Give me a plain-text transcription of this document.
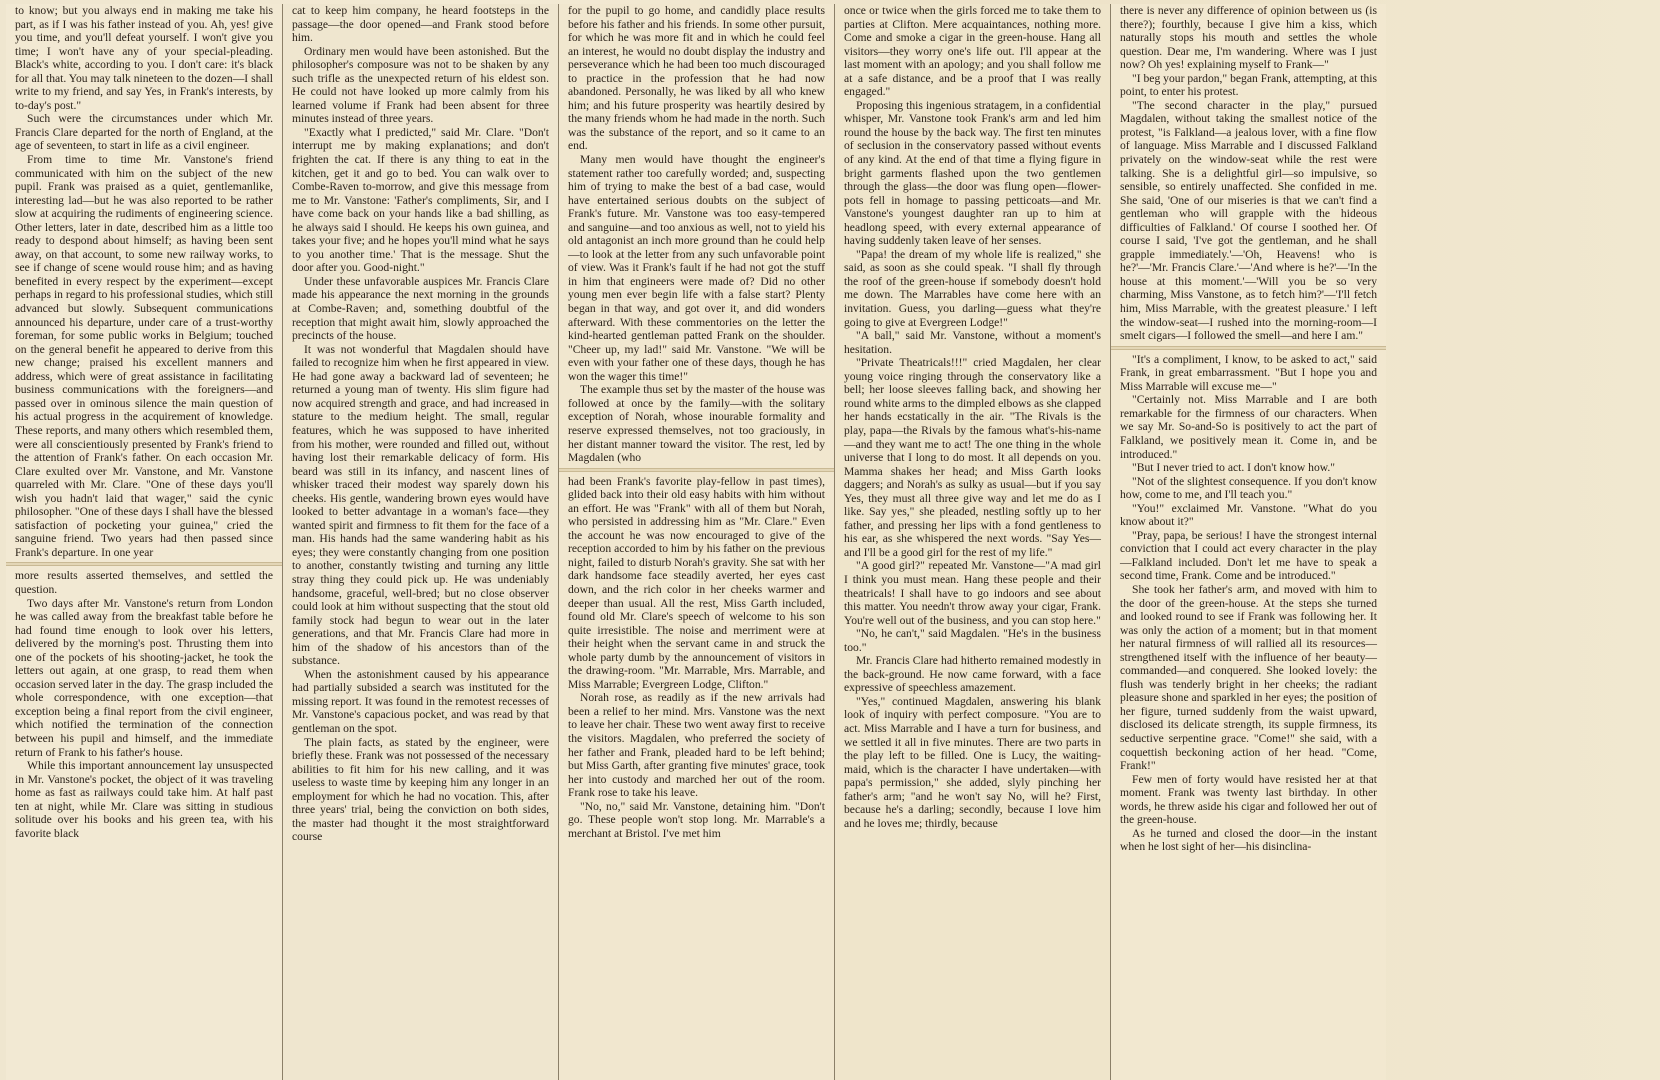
to know; but you always end in making me take his part, as if I was his father instead of you. Ah, yes! give you time, and you'll defeat yourself. I won't give you time; I won't have any of your special-pleading. Black's white, according to you. I don't care: it's black for all that. You may talk nineteen to the dozen—I shall write to my friend, and say Yes, in Frank's interests, by to-day's post."

Such were the circumstances under which Mr. Francis Clare departed for the north of England, at the age of seventeen, to start in life as a civil engineer.

From time to time Mr. Vanstone's friend communicated with him on the subject of the new pupil. Frank was praised as a quiet, gentlemanlike, interesting lad—but he was also reported to be rather slow at acquiring the rudiments of engineering science. Other letters, later in date, described him as a little too ready to despond about himself; as having been sent away, on that account, to some new railway works, to see if change of scene would rouse him; and as having benefited in every respect by the experiment—except perhaps in regard to his professional studies, which still advanced but slowly. Subsequent communications announced his departure, under care of a trust-worthy foreman, for some public works in Belgium; touched on the general benefit he appeared to derive from this new change; praised his excellent manners and address, which were of great assistance in facilitating business communications with the foreigners—and passed over in ominous silence the main question of his actual progress in the acquirement of knowledge. These reports, and many others which resembled them, were all conscientiously presented by Frank's friend to the attention of Frank's father. On each occasion Mr. Clare exulted over Mr. Vanstone, and Mr. Vanstone quarreled with Mr. Clare. "One of these days you'll wish you hadn't laid that wager," said the cynic philosopher. "One of these days I shall have the blessed satisfaction of pocketing your guinea," cried the sanguine friend. Two years had then passed since Frank's departure. In one year

more results asserted themselves, and settled the question.

Two days after Mr. Vanstone's return from London he was called away from the breakfast table before he had found time enough to look over his letters, delivered by the morning's post. Thrusting them into one of the pockets of his shooting-jacket, he took the letters out again, at one grasp, to read them when occasion served later in the day. The grasp included the whole correspondence, with one exception—that exception being a final report from the civil engineer, which notified the termination of the connection between his pupil and himself, and the immediate return of Frank to his father's house.

While this important announcement lay unsuspected in Mr. Vanstone's pocket, the object of it was traveling home as fast as railways could take him. At half past ten at night, while Mr. Clare was sitting in studious solitude over his books and his green tea, with his favorite black

cat to keep him company, he heard footsteps in the passage—the door opened—and Frank stood before him.

Ordinary men would have been astonished. But the philosopher's composure was not to be shaken by any such trifle as the unexpected return of his eldest son. He could not have looked up more calmly from his learned volume if Frank had been absent for three minutes instead of three years.

"Exactly what I predicted," said Mr. Clare. "Don't interrupt me by making explanations; and don't frighten the cat. If there is any thing to eat in the kitchen, get it and go to bed. You can walk over to Combe-Raven to-morrow, and give this message from me to Mr. Vanstone: 'Father's compliments, Sir, and I have come back on your hands like a bad shilling, as he always said I should. He keeps his own guinea, and takes your five; and he hopes you'll mind what he says to you another time.' That is the message. Shut the door after you. Good-night."

Under these unfavorable auspices Mr. Francis Clare made his appearance the next morning in the grounds at Combe-Raven; and, something doubtful of the reception that might await him, slowly approached the precincts of the house.

It was not wonderful that Magdalen should have failed to recognize him when he first appeared in view. He had gone away a backward lad of seventeen; he returned a young man of twenty. His slim figure had now acquired strength and grace, and had increased in stature to the medium height. The small, regular features, which he was supposed to have inherited from his mother, were rounded and filled out, without having lost their remarkable delicacy of form. His beard was still in its infancy, and nascent lines of whisker traced their modest way sparely down his cheeks. His gentle, wandering brown eyes would have looked to better advantage in a woman's face—they wanted spirit and firmness to fit them for the face of a man. His hands had the same wandering habit as his eyes; they were constantly changing from one position to another, constantly twisting and turning any little stray thing they could pick up. He was undeniably handsome, graceful, well-bred; but no close observer could look at him without suspecting that the stout old family stock had begun to wear out in the later generations, and that Mr. Francis Clare had more in him of the shadow of his ancestors than of the substance.

When the astonishment caused by his appearance had partially subsided a search was instituted for the missing report. It was found in the remotest recesses of Mr. Vanstone's capacious pocket, and was read by that gentleman on the spot.

The plain facts, as stated by the engineer, were briefly these. Frank was not possessed of the necessary abilities to fit him for his new calling, and it was useless to waste time by keeping him any longer in an employment for which he had no vocation. This, after three years' trial, being the conviction on both sides, the master had thought it the most straightforward course

for the pupil to go home, and candidly place results before his father and his friends. In some other pursuit, for which he was more fit and in which he could feel an interest, he would no doubt display the industry and perseverance which he had been too much discouraged to practice in the profession that he had now abandoned. Personally, he was liked by all who knew him; and his future prosperity was heartily desired by the many friends whom he had made in the north. Such was the substance of the report, and so it came to an end.

Many men would have thought the engineer's statement rather too carefully worded; and, suspecting him of trying to make the best of a bad case, would have entertained serious doubts on the subject of Frank's future. Mr. Vanstone was too easy-tempered and sanguine—and too anxious as well, not to yield his old antagonist an inch more ground than he could help—to look at the letter from any such unfavorable point of view. Was it Frank's fault if he had not got the stuff in him that engineers were made of? Did no other young men ever begin life with a false start? Plenty began in that way, and got over it, and did wonders afterward. With these commentories on the letter the kind-hearted gentleman patted Frank on the shoulder. "Cheer up, my lad!" said Mr. Vanstone. "We will be even with your father one of these days, though he has won the wager this time!"

The example thus set by the master of the house was followed at once by the family—with the solitary exception of Norah, whose inourable formality and reserve expressed themselves, not too graciously, in her distant manner toward the visitor. The rest, led by Magdalen (who

had been Frank's favorite play-fellow in past times), glided back into their old easy habits with him without an effort. He was "Frank" with all of them but Norah, who persisted in addressing him as "Mr. Clare." Even the account he was now encouraged to give of the reception accorded to him by his father on the previous night, failed to disturb Norah's gravity. She sat with her dark handsome face steadily averted, her eyes cast down, and the rich color in her cheeks warmer and deeper than usual. All the rest, Miss Garth included, found old Mr. Clare's speech of welcome to his son quite irresistible. The noise and merriment were at their height when the servant came in and struck the whole party dumb by the announcement of visitors in the drawing-room. "Mr. Marrable, Mrs. Marrable, and Miss Marrable; Evergreen Lodge, Clifton."

Norah rose, as readily as if the new arrivals had been a relief to her mind. Mrs. Vanstone was the next to leave her chair. These two went away first to receive the visitors. Magdalen, who preferred the society of her father and Frank, pleaded hard to be left behind; but Miss Garth, after granting five minutes' grace, took her into custody and marched her out of the room. Frank rose to take his leave.

"No, no," said Mr. Vanstone, detaining him. "Don't go. These people won't stop long. Mr. Marrable's a merchant at Bristol. I've met him

once or twice when the girls forced me to take them to parties at Clifton. Mere acquaintances, nothing more. Come and smoke a cigar in the green-house. Hang all visitors—they worry one's life out. I'll appear at the last moment with an apology; and you shall follow me at a safe distance, and be a proof that I was really engaged."

Proposing this ingenious stratagem, in a confidential whisper, Mr. Vanstone took Frank's arm and led him round the house by the back way. The first ten minutes of seclusion in the conservatory passed without events of any kind. At the end of that time a flying figure in bright garments flashed upon the two gentlemen through the glass—the door was flung open—flower-pots fell in homage to passing petticoats—and Mr. Vanstone's youngest daughter ran up to him at headlong speed, with every external appearance of having suddenly taken leave of her senses.

"Papa! the dream of my whole life is realized," she said, as soon as she could speak. "I shall fly through the roof of the green-house if somebody doesn't hold me down. The Marrables have come here with an invitation. Guess, you darling—guess what they're going to give at Evergreen Lodge!"

"A ball," said Mr. Vanstone, without a moment's hesitation.

"Private Theatricals!!!" cried Magdalen, her clear young voice ringing through the conservatory like a bell; her loose sleeves falling back, and showing her round white arms to the dimpled elbows as she clapped her hands ecstatically in the air. "The Rivals is the play, papa—the Rivals by the famous what's-his-name—and they want me to act! The one thing in the whole universe that I long to do most. It all depends on you. Mamma shakes her head; and Miss Garth looks daggers; and Norah's as sulky as usual—but if you say Yes, they must all three give way and let me do as I like. Say yes," she pleaded, nestling softly up to her father, and pressing her lips with a fond gentleness to his ear, as she whispered the next words. "Say Yes—and I'll be a good girl for the rest of my life."

"A good girl?" repeated Mr. Vanstone—"A mad girl I think you must mean. Hang these people and their theatricals! I shall have to go indoors and see about this matter. You needn't throw away your cigar, Frank. You're well out of the business, and you can stop here."

"No, he can't," said Magdalen. "He's in the business too."

Mr. Francis Clare had hitherto remained modestly in the back-ground. He now came forward, with a face expressive of speechless amazement.

"Yes," continued Magdalen, answering his blank look of inquiry with perfect composure. "You are to act. Miss Marrable and I have a turn for business, and we settled it all in five minutes. There are two parts in the play left to be filled. One is Lucy, the waiting-maid, which is the character I have undertaken—with papa's permission," she added, slyly pinching her father's arm; "and he won't say No, will he? First, because he's a darling; secondly, because I love him and he loves me; thirdly, because

there is never any difference of opinion between us (is there?); fourthly, because I give him a kiss, which naturally stops his mouth and settles the whole question. Dear me, I'm wandering. Where was I just now? Oh yes! explaining myself to Frank—"

"I beg your pardon," began Frank, attempting, at this point, to enter his protest.

"The second character in the play," pursued Magdalen, without taking the smallest notice of the protest, "is Falkland—a jealous lover, with a fine flow of language. Miss Marrable and I discussed Falkland privately on the window-seat while the rest were talking. She is a delightful girl—so impulsive, so sensible, so entirely unaffected. She confided in me. She said, 'One of our miseries is that we can't find a gentleman who will grapple with the hideous difficulties of Falkland.' Of course I soothed her. Of course I said, 'I've got the gentleman, and he shall grapple immediately.'—'Oh, Heavens! who is he?'—'Mr. Francis Clare.'—'And where is he?'—'In the house at this moment.'—'Will you be so very charming, Miss Vanstone, as to fetch him?'—'I'll fetch him, Miss Marrable, with the greatest pleasure.' I left the window-seat—I rushed into the morning-room—I smelt cigars—I followed the smell—and here I am."

"It's a compliment, I know, to be asked to act," said Frank, in great embarrassment. "But I hope you and Miss Marrable will excuse me—"

"Certainly not. Miss Marrable and I are both remarkable for the firmness of our characters. When we say Mr. So-and-So is positively to act the part of Falkland, we positively mean it. Come in, and be introduced."

"But I never tried to act. I don't know how."

"Not of the slightest consequence. If you don't know how, come to me, and I'll teach you."

"You!" exclaimed Mr. Vanstone. "What do you know about it?"

"Pray, papa, be serious! I have the strongest internal conviction that I could act every character in the play—Falkland included. Don't let me have to speak a second time, Frank. Come and be introduced."

She took her father's arm, and moved with him to the door of the green-house. At the steps she turned and looked round to see if Frank was following her. It was only the action of a moment; but in that moment her natural firmness of will rallied all its resources—strengthened itself with the influence of her beauty—commanded—and conquered. She looked lovely: the flush was tenderly bright in her cheeks; the radiant pleasure shone and sparkled in her eyes; the position of her figure, turned suddenly from the waist upward, disclosed its delicate strength, its supple firmness, its seductive serpentine grace. "Come!" she said, with a coquettish beckoning action of her head. "Come, Frank!"

Few men of forty would have resisted her at that moment. Frank was twenty last birthday. In other words, he threw aside his cigar and followed her out of the green-house.

As he turned and closed the door—in the instant when he lost sight of her—his disinclina-
